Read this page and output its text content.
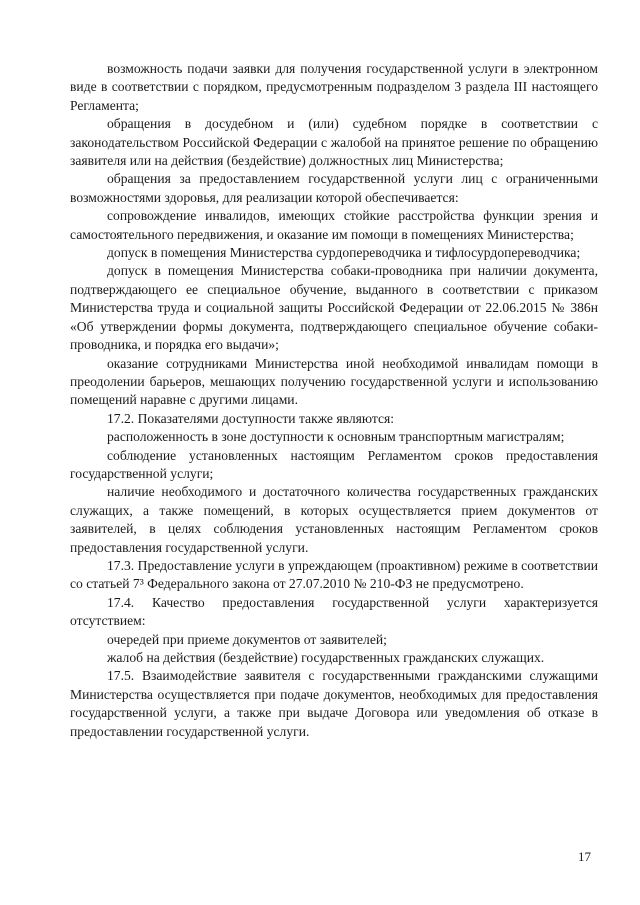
возможность подачи заявки для получения государственной услуги в электронном виде в соответствии с порядком, предусмотренным подразделом 3 раздела III настоящего Регламента;

обращения в досудебном и (или) судебном порядке в соответствии с законодательством Российской Федерации с жалобой на принятое решение по обращению заявителя или на действия (бездействие) должностных лиц Министерства;

обращения за предоставлением государственной услуги лиц с ограниченными возможностями здоровья, для реализации которой обеспечивается:

сопровождение инвалидов, имеющих стойкие расстройства функции зрения и самостоятельного передвижения, и оказание им помощи в помещениях Министерства;

допуск в помещения Министерства сурдопереводчика и тифлосурдопереводчика;

допуск в помещения Министерства собаки-проводника при наличии документа, подтверждающего ее специальное обучение, выданного в соответствии с приказом Министерства труда и социальной защиты Российской Федерации от 22.06.2015 № 386н «Об утверждении формы документа, подтверждающего специальное обучение собаки-проводника, и порядка его выдачи»;

оказание сотрудниками Министерства иной необходимой инвалидам помощи в преодолении барьеров, мешающих получению государственной услуги и использованию помещений наравне с другими лицами.

17.2. Показателями доступности также являются:

расположенность в зоне доступности к основным транспортным магистралям;

соблюдение установленных настоящим Регламентом сроков предоставления государственной услуги;

наличие необходимого и достаточного количества государственных гражданских служащих, а также помещений, в которых осуществляется прием документов от заявителей, в целях соблюдения установленных настоящим Регламентом сроков предоставления государственной услуги.

17.3. Предоставление услуги в упреждающем (проактивном) режиме в соответствии со статьей 7³ Федерального закона от 27.07.2010 № 210-ФЗ не предусмотрено.

17.4. Качество предоставления государственной услуги характеризуется отсутствием:

очередей при приеме документов от заявителей;

жалоб на действия (бездействие) государственных гражданских служащих.

17.5. Взаимодействие заявителя с государственными гражданскими служащими Министерства осуществляется при подаче документов, необходимых для предоставления государственной услуги, а также при выдаче Договора или уведомления об отказе в предоставлении государственной услуги.

17
